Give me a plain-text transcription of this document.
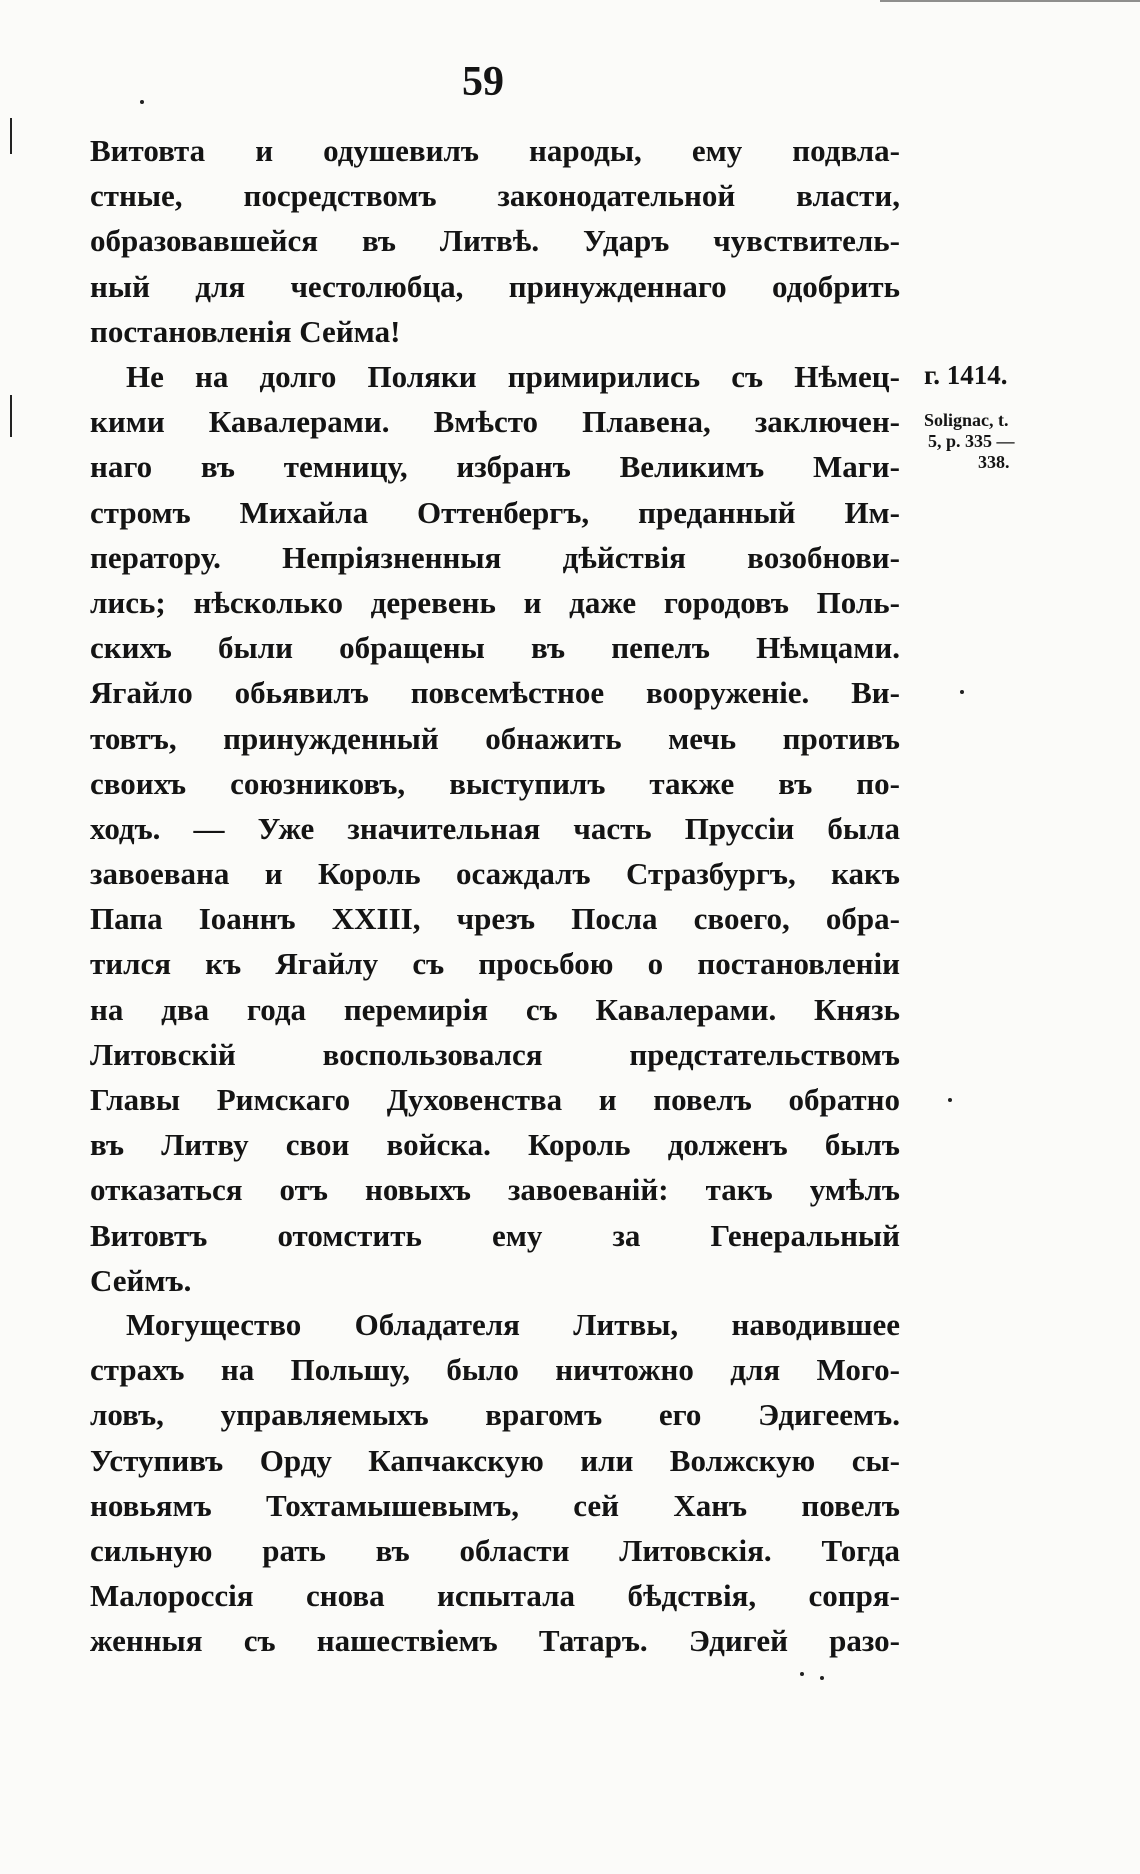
59
Витовта и одушевилъ народы, ему подвла-
стные, посредствомъ законодательной власти,
образовавшейся въ Литвѣ. Ударъ чувствитель-
ный для честолюбца, принужденнаго одобрить
постановленія Сейма!
Не на долго Поляки примирились съ Нѣмец-
кими Кавалерами. Вмѣсто Плавена, заключен-
наго въ темницу, избранъ Великимъ Маги-
стромъ Михайла Оттенбергъ, преданный Им-
ператору. Непріязненныя дѣйствія возобнови-
лись; нѣсколько деревень и даже городовъ Поль-
скихъ были обращены въ пепелъ Нѣмцами.
Ягайло обьявилъ повсемѣстное вооруженіе. Ви-
товтъ, принужденный обнажить мечь противъ
своихъ союзниковъ, выступилъ также въ по-
ходъ. — Уже значительная часть Пруссіи была
завоевана и Король осаждалъ Стразбургъ, какъ
Папа Іоаннъ XXIII, чрезъ Посла своего, обра-
тился къ Ягайлу съ просьбою о постановленіи
на два года перемирія съ Кавалерами. Князь
Литовскій воспользовался предстательствомъ
Главы Римскаго Духовенства и повелъ обратно
въ Литву свои войска. Король долженъ былъ
отказаться отъ новыхъ завоеваній: такъ умѣлъ
Витовтъ отомстить ему за Генеральный
Сеймъ.
Могущество Обладателя Литвы, наводившее
страхъ на Польшу, было ничтожно для Мого-
ловъ, управляемыхъ врагомъ его Эдигеемъ.
Уступивъ Орду Капчакскую или Волжскую сы-
новьямъ Тохтамышевымъ, сей Ханъ повелъ
сильную рать въ области Литовскія. Тогда
Малороссія снова испытала бѣдствія, сопря-
женныя съ нашествіемъ Татаръ. Эдигей разо-
г. 1414.
Solignac, t.
5, p. 335 —
338.
